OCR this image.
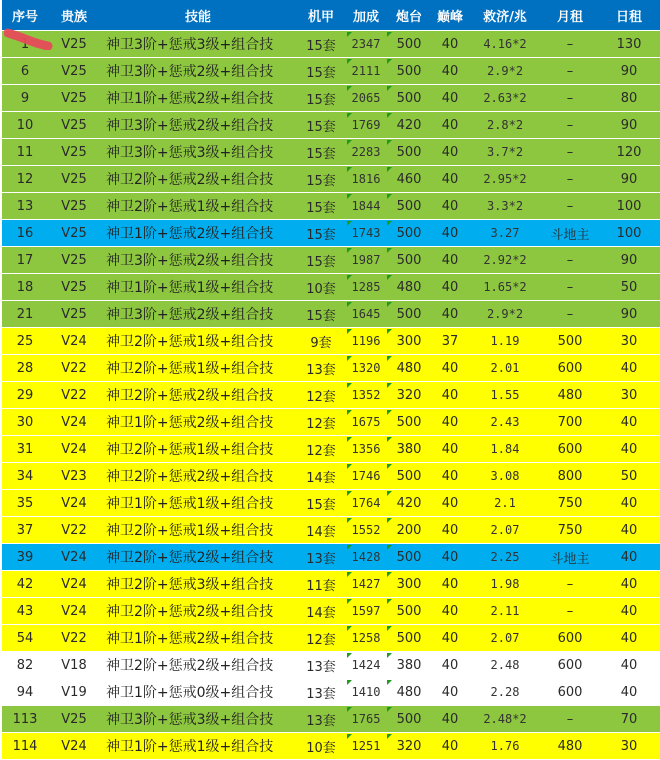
序号	贵族	技能	机甲	加成	炮台	巅峰	救济/兆	月租	日租
1	V25	神卫3阶+惩戒3级+组合技	15套	2347	500	40	4.16*2	–	130
6	V25	神卫3阶+惩戒2级+组合技	15套	2111	500	40	2.9*2	–	90
9	V25	神卫1阶+惩戒2级+组合技	15套	2065	500	40	2.63*2	–	80
10	V25	神卫3阶+惩戒2级+组合技	15套	1769	420	40	2.8*2	–	90
11	V25	神卫3阶+惩戒3级+组合技	15套	2283	500	40	3.7*2	–	120
12	V25	神卫2阶+惩戒2级+组合技	15套	1816	460	40	2.95*2	–	90
13	V25	神卫2阶+惩戒1级+组合技	15套	1844	500	40	3.3*2	–	100
16	V25	神卫1阶+惩戒2级+组合技	15套	1743	500	40	3.27	斗地主	100
17	V25	神卫3阶+惩戒2级+组合技	15套	1987	500	40	2.92*2	–	90
18	V25	神卫1阶+惩戒1级+组合技	10套	1285	480	40	1.65*2	–	50
21	V25	神卫3阶+惩戒2级+组合技	15套	1645	500	40	2.9*2	–	90
25	V24	神卫2阶+惩戒1级+组合技	9套	1196	300	37	1.19	500	30
28	V22	神卫2阶+惩戒1级+组合技	13套	1320	480	40	2.01	600	40
29	V22	神卫2阶+惩戒2级+组合技	12套	1352	320	40	1.55	480	30
30	V24	神卫1阶+惩戒2级+组合技	12套	1675	500	40	2.43	700	40
31	V24	神卫2阶+惩戒1级+组合技	12套	1356	380	40	1.84	600	40
34	V23	神卫2阶+惩戒2级+组合技	14套	1746	500	40	3.08	800	50
35	V24	神卫1阶+惩戒1级+组合技	15套	1764	420	40	2.1	750	40
37	V22	神卫2阶+惩戒1级+组合技	14套	1552	200	40	2.07	750	40
39	V24	神卫2阶+惩戒2级+组合技	13套	1428	500	40	2.25	斗地主	40
42	V24	神卫2阶+惩戒3级+组合技	11套	1427	300	40	1.98	–	40
43	V24	神卫2阶+惩戒2级+组合技	14套	1597	500	40	2.11	–	40
54	V22	神卫1阶+惩戒2级+组合技	12套	1258	500	40	2.07	600	40
82	V18	神卫2阶+惩戒2级+组合技	13套	1424	380	40	2.48	600	40
94	V19	神卫1阶+惩戒0级+组合技	13套	1410	480	40	2.28	600	40
113	V25	神卫3阶+惩戒3级+组合技	13套	1765	500	40	2.48*2	–	70
114	V24	神卫1阶+惩戒1级+组合技	10套	1251	320	40	1.76	480	30
